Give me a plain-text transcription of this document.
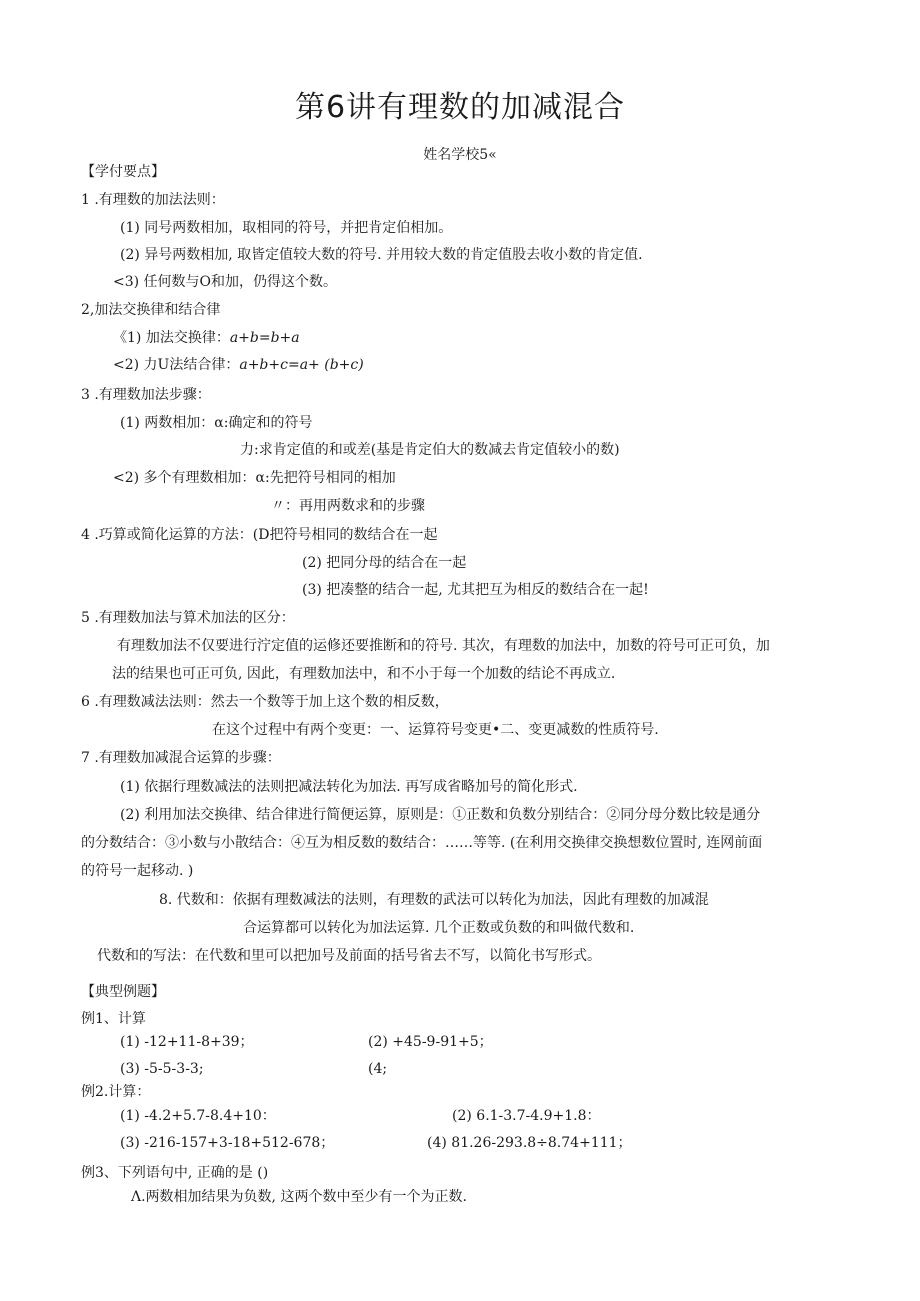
第6讲有理数的加减混合
姓名学校5«
【学付要点】
1 .有理数的加法法则：
(1) 同号两数相加，取相同的符号，并把肯定伯相加。
(2) 异号两数相加, 取皆定值较大数的符号. 并用较大数的肯定值股去收小数的肯定值.
<3) 任何数与O和加，仍得这个数。
2,加法交换律和结合律
《1) 加法交换律：a+b=b+a
<2) 力U法结合律：a+b+c=a+ (b+c)
3 .有理数加法步骤：
(1) 两数相加：α:确定和的符号
力:求肯定值的和或差(基是肯定伯大的数减去肯定值较小的数)
<2) 多个有理数相加：α:先把符号相同的相加
〃：再用两数求和的步骤
4 .巧算或简化运算的方法：(D把符号相同的数结合在一起
(2) 把同分母的结合在一起
(3) 把凑整的结合一起, 尤其把互为相反的数结合在一起!
5 .有理数加法与算术加法的区分：
有理数加法不仅要进行泞定值的运修还要推断和的符号. 其次，有理数的加法中，加数的符号可正可负，加
法的结果也可正可负, 因此，有理数加法中，和不小于每一个加数的结论不再成立.
6 .有理数减法法则：然去一个数等于加上这个数的相反数，
在这个过程中有两个变更：一、运算符号变更•二、变更减数的性质符号.
7 .有理数加减混合运算的步骤：
(1) 依据行理数减法的法则把减法转化为加法. 再写成省略加号的简化形式.
(2) 利用加法交换律、结合律进行简便运算，原则是：①正数和负数分别结合：②同分母分数比较是通分
的分数结合：③小数与小散结合：④互为相反数的数结合：……等等. (在利用交换律交换想数位置时, 连网前面
的符号一起移动. )
8. 代数和：依据有理数减法的法则，有理数的武法可以转化为加法，因此有理数的加减混
合运算都可以转化为加法运算. 几个正数或负数的和叫做代数和.
代数和的写法：在代数和里可以把加号及前面的括号省去不写，以简化书写形式。
【典型例题】
例1、计算
(1) -12+11-8+39；	(2) +45-9-91+5；
(3) -5-5-3-3;	(4;
例2.计算：
(1) -4.2+5.7-8.4+10：	(2) 6.1-3.7-4.9+1.8：
(3) -216-157+3-18+512-678；	(4) 81.26-293.8÷8.74+111；
例3、下列语句中, 正确的是 ()
Λ.两数相加结果为负数, 这两个数中至少有一个为正数.
